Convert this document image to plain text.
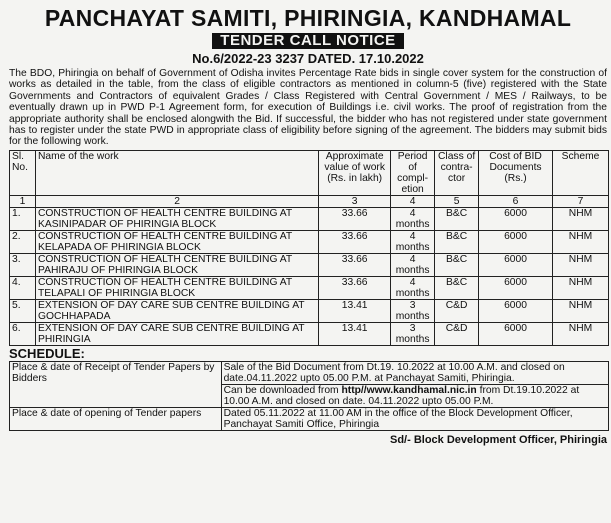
PANCHAYAT SAMITI, PHIRINGIA, KANDHAMAL
TENDER CALL NOTICE
No.6/2022-23 3237 DATED. 17.10.2022

The BDO, Phiringia on behalf of Government of Odisha invites Percentage Rate bids in single cover system for the construction of works as detailed in the table, from the class of eligible contractors as mentioned in column-5 (five) registered with the State Governments and Contractors of equivalent Grades / Class Registered with Central Government / MES / Railways, to be eventually drawn up in PWD P-1 Agreement form, for execution of Buildings i.e. civil works. The proof of registration from the appropriate authority shall be enclosed alongwith the Bid. If successful, the bidder who has not registered under state government has to register under the state PWD in appropriate class of eligibility before signing of the agreement. The bidders may submit bids for the following work.

Sl. No.	Name of the work	Approximate value of work (Rs. in lakh)	Period of compl-etion	Class of contra-ctor	Cost of BID Documents (Rs.)	Scheme
1	2	3	4	5	6	7
1.	CONSTRUCTION OF HEALTH CENTRE BUILDING AT KASINIPADAR OF PHIRINGIA BLOCK	33.66	4 months	B&C	6000	NHM
2.	CONSTRUCTION OF HEALTH CENTRE BUILDING AT KELAPADA OF PHIRINGIA BLOCK	33.66	4 months	B&C	6000	NHM
3.	CONSTRUCTION OF HEALTH CENTRE BUILDING AT PAHIRAJU OF PHIRINGIA BLOCK	33.66	4 months	B&C	6000	NHM
4.	CONSTRUCTION OF HEALTH CENTRE BUILDING AT TELAPALI OF PHIRINGIA BLOCK	33.66	4 months	B&C	6000	NHM
5.	EXTENSION OF DAY CARE SUB CENTRE BUILDING AT GOCHHAPADA	13.41	3 months	C&D	6000	NHM
6.	EXTENSION OF DAY CARE SUB CENTRE BUILDING AT PHIRINGIA	13.41	3 months	C&D	6000	NHM
SCHEDULE:
Place & date of Receipt of Tender Papers by Bidders	Sale of the Bid Document from Dt.19. 10.2022 at 10.00 A.M. and closed on date.04.11.2022 upto 05.00 P.M. at Panchayat Samiti, Phiringia.
	Can be downloaded from http//www.kandhamal.nic.in from Dt.19.10.2022 at 10.00 A.M. and closed on date. 04.11.2022 upto 05.00 P.M.
Place & date of opening of Tender papers	Dated 05.11.2022 at 11.00 AM in the office of the Block Development Officer, Panchayat Samiti Office, Phiringia
Sd/- Block Development Officer, Phiringia
